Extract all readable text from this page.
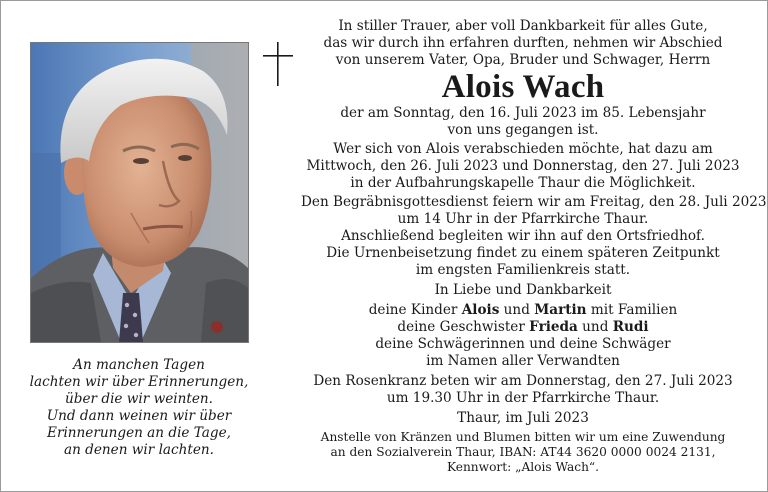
An manchen Tagen
lachten wir über Erinnerungen,
über die wir weinten.
Und dann weinen wir über
Erinnerungen an die Tage,
an denen wir lachten.
In stiller Trauer, aber voll Dankbarkeit für alles Gute,
das wir durch ihn erfahren durften, nehmen wir Abschied
von unserem Vater, Opa, Bruder und Schwager, Herrn
Alois Wach
der am Sonntag, den 16. Juli 2023 im 85. Lebensjahr
von uns gegangen ist.
Wer sich von Alois verabschieden möchte, hat dazu am
Mittwoch, den 26. Juli 2023 und Donnerstag, den 27. Juli 2023
in der Aufbahrungskapelle Thaur die Möglichkeit.
Den Begräbnisgottesdienst feiern wir am Freitag, den 28. Juli 2023
um 14 Uhr in der Pfarrkirche Thaur.
Anschließend begleiten wir ihn auf den Ortsfriedhof.
Die Urnenbeisetzung findet zu einem späteren Zeitpunkt
im engsten Familienkreis statt.
In Liebe und Dankbarkeit
deine Kinder Alois und Martin mit Familien
deine Geschwister Frieda und Rudi
deine Schwägerinnen und deine Schwäger
im Namen aller Verwandten
Den Rosenkranz beten wir am Donnerstag, den 27. Juli 2023
um 19.30 Uhr in der Pfarrkirche Thaur.
Thaur, im Juli 2023
Anstelle von Kränzen und Blumen bitten wir um eine Zuwendung
an den Sozialverein Thaur, IBAN: AT44 3620 0000 0024 2131,
Kennwort: „Alois Wach“.
